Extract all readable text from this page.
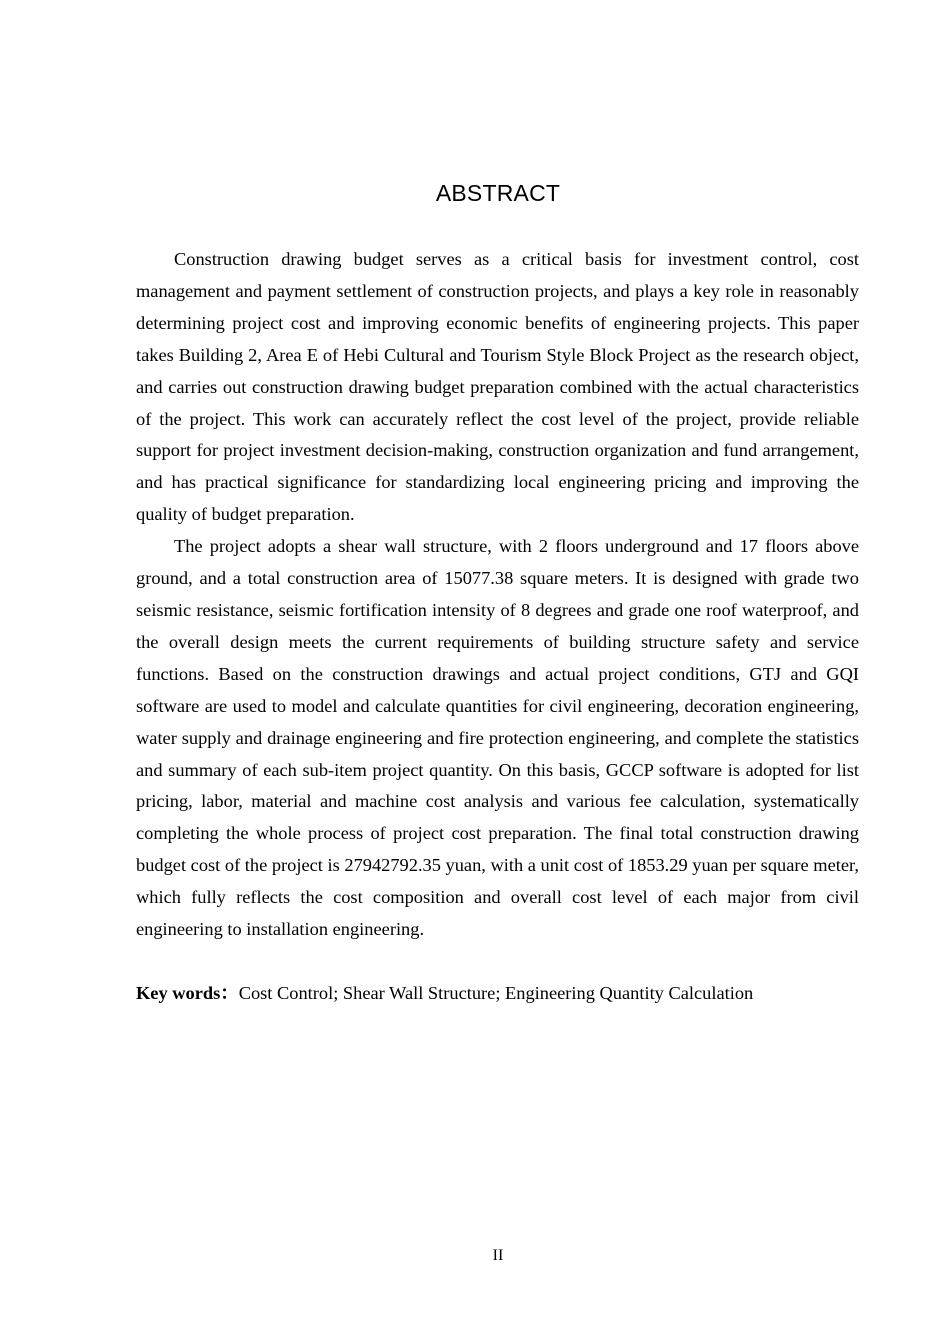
ABSTRACT

Construction drawing budget serves as a critical basis for investment control, cost management and payment settlement of construction projects, and plays a key role in reasonably determining project cost and improving economic benefits of engineering projects. This paper takes Building 2, Area E of Hebi Cultural and Tourism Style Block Project as the research object, and carries out construction drawing budget preparation combined with the actual characteristics of the project. This work can accurately reflect the cost level of the project, provide reliable support for project investment decision-making, construction organization and fund arrangement, and has practical significance for standardizing local engineering pricing and improving the quality of budget preparation.

The project adopts a shear wall structure, with 2 floors underground and 17 floors above ground, and a total construction area of 15077.38 square meters. It is designed with grade two seismic resistance, seismic fortification intensity of 8 degrees and grade one roof waterproof, and the overall design meets the current requirements of building structure safety and service functions. Based on the construction drawings and actual project conditions, GTJ and GQI software are used to model and calculate quantities for civil engineering, decoration engineering, water supply and drainage engineering and fire protection engineering, and complete the statistics and summary of each sub-item project quantity. On this basis, GCCP software is adopted for list pricing, labor, material and machine cost analysis and various fee calculation, systematically completing the whole process of project cost preparation. The final total construction drawing budget cost of the project is 27942792.35 yuan, with a unit cost of 1853.29 yuan per square meter, which fully reflects the cost composition and overall cost level of each major from civil engineering to installation engineering.

Key words：Cost Control; Shear Wall Structure; Engineering Quantity Calculation

II
